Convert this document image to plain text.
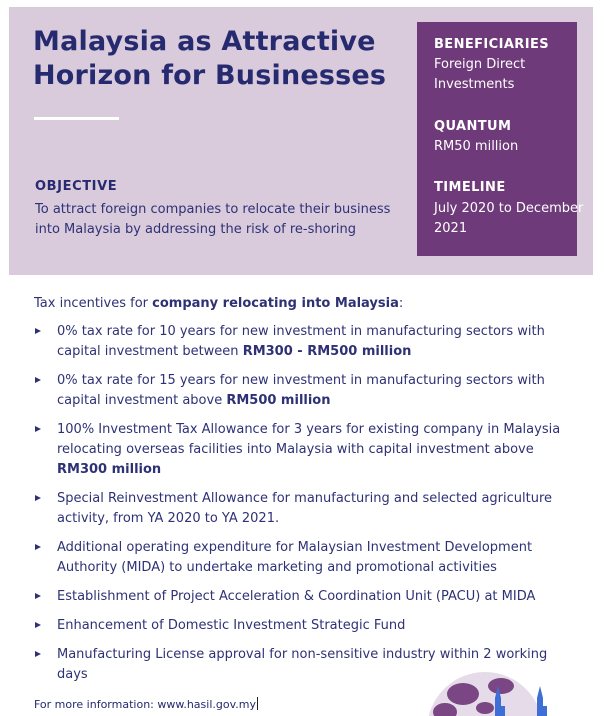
Malaysia as Attractive
Horizon for Businesses
OBJECTIVE
To attract foreign companies to relocate their business into Malaysia by addressing the risk of re-shoring
BENEFICIARIES
Foreign Direct Investments
QUANTUM
RM50 million
TIMELINE
July 2020 to December 2021
Tax incentives for company relocating into Malaysia:
0% tax rate for 10 years for new investment in manufacturing sectors with capital investment between RM300 - RM500 million
0% tax rate for 15 years for new investment in manufacturing sectors with capital investment above RM500 million
100% Investment Tax Allowance for 3 years for existing company in Malaysia relocating overseas facilities into Malaysia with capital investment above RM300 million
Special Reinvestment Allowance for manufacturing and selected agriculture activity, from YA 2020 to YA 2021.
Additional operating expenditure for Malaysian Investment Development Authority (MIDA) to undertake marketing and promotional activities
Establishment of Project Acceleration & Coordination Unit (PACU) at MIDA
Enhancement of Domestic Investment Strategic Fund
Manufacturing License approval for non-sensitive industry within 2 working days
For more information: www.hasil.gov.my
